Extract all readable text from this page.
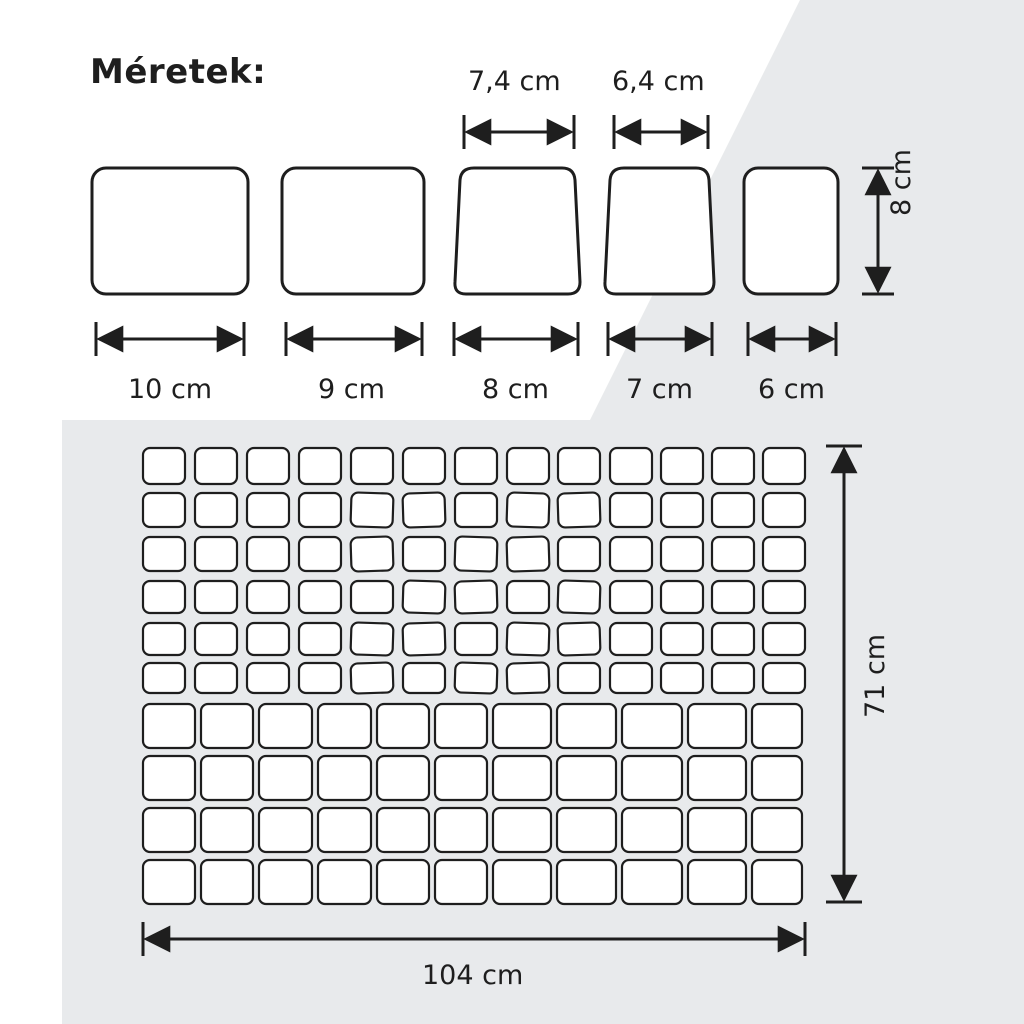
Méretek:
10 cm	9 cm	8 cm	7 cm 6 cm
7,4 cm 6,4 cm
8 cm
104 cm
71 cm
